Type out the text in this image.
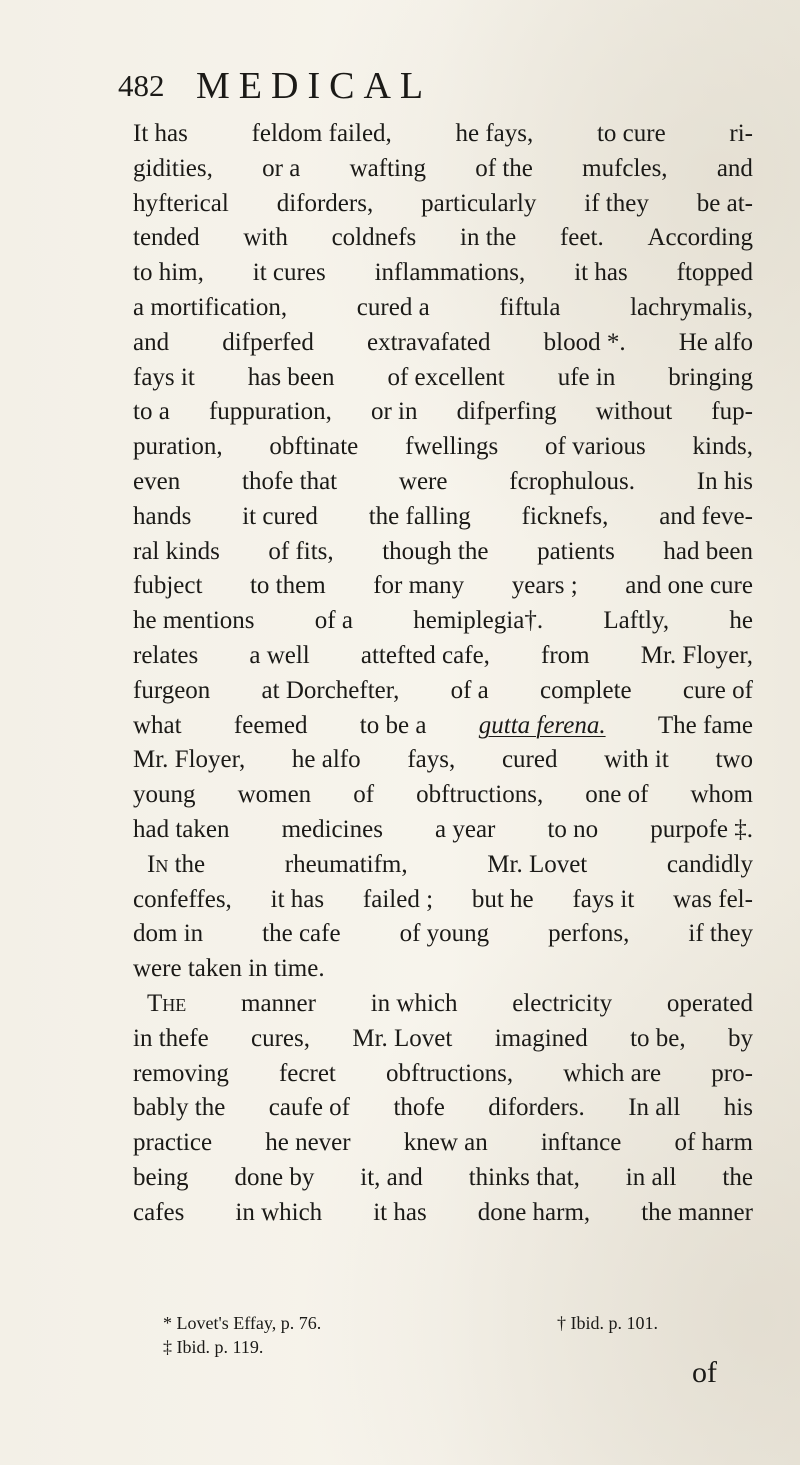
482 MEDICAL
It has	feldom failed,	he fays,	to cure	ri-
gidities, or a wafting of the mufcles, and
hyfterical diforders, particularly if they be at-
tended with coldnefs in the feet. According
to him, it cures inflammations, it has ftopped
a mortification,	cured a	fiftula	lachrymalis,
and difperfed extravafated blood *. He alfo
fays it has been of excellent ufe in bringing
to a fuppuration, or in difperfing without fup-
puration, obftinate fwellings of various kinds,
even thofe that were fcrophulous. In his
hands it cured the falling ficknefs, and feve-
ral kinds of fits, though the patients had been
fubject to them for many years ; and one cure
he mentions of a hemiplegia†. Laftly, he
relates a well attefted cafe, from Mr. Floyer,
furgeon at Dorchefter, of a complete cure of
what feemed to be a gutta ferena. The fame
Mr. Floyer, he alfo fays, cured with it two
young women of obftructions, one of whom
had taken medicines a year to no purpofe ‡.
In the	rheumatifm,	Mr. Lovet	candidly
confeffes, it has failed ; but he fays it was fel-
dom in the cafe of young perfons, if they
were taken in time.
The manner in which electricity operated
in thefe cures, Mr. Lovet imagined to be, by
removing fecret obftructions, which are pro-
bably the caufe of thofe diforders. In all his
practice he never knew an inftance of harm
being done by it, and thinks that, in all the
cafes in which it has done harm, the manner
* Lovet's Effay, p. 76.	† Ibid. p. 101.
‡ Ibid. p. 119.
of
